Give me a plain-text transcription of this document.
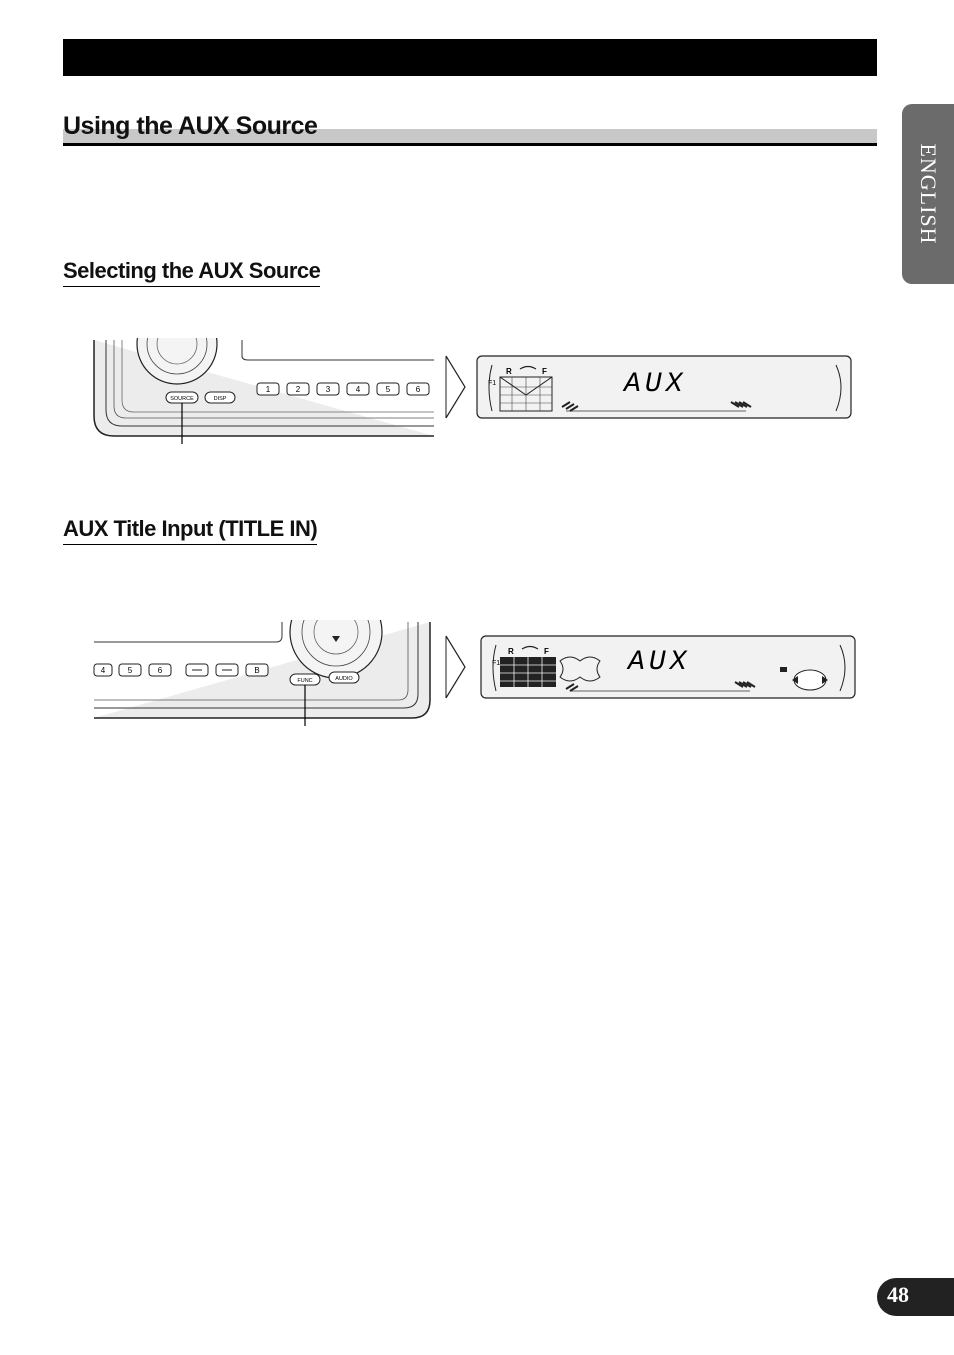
Using the AUX Source
Selecting the AUX Source
AUX Title Input (TITLE IN)
ENGLISH
48
SOURCE	DISP
1	2	3	4	5	6
R	F
F1	AUX
4	5	6	B
FUNC	AUDIO
R	F
F1	AUX
